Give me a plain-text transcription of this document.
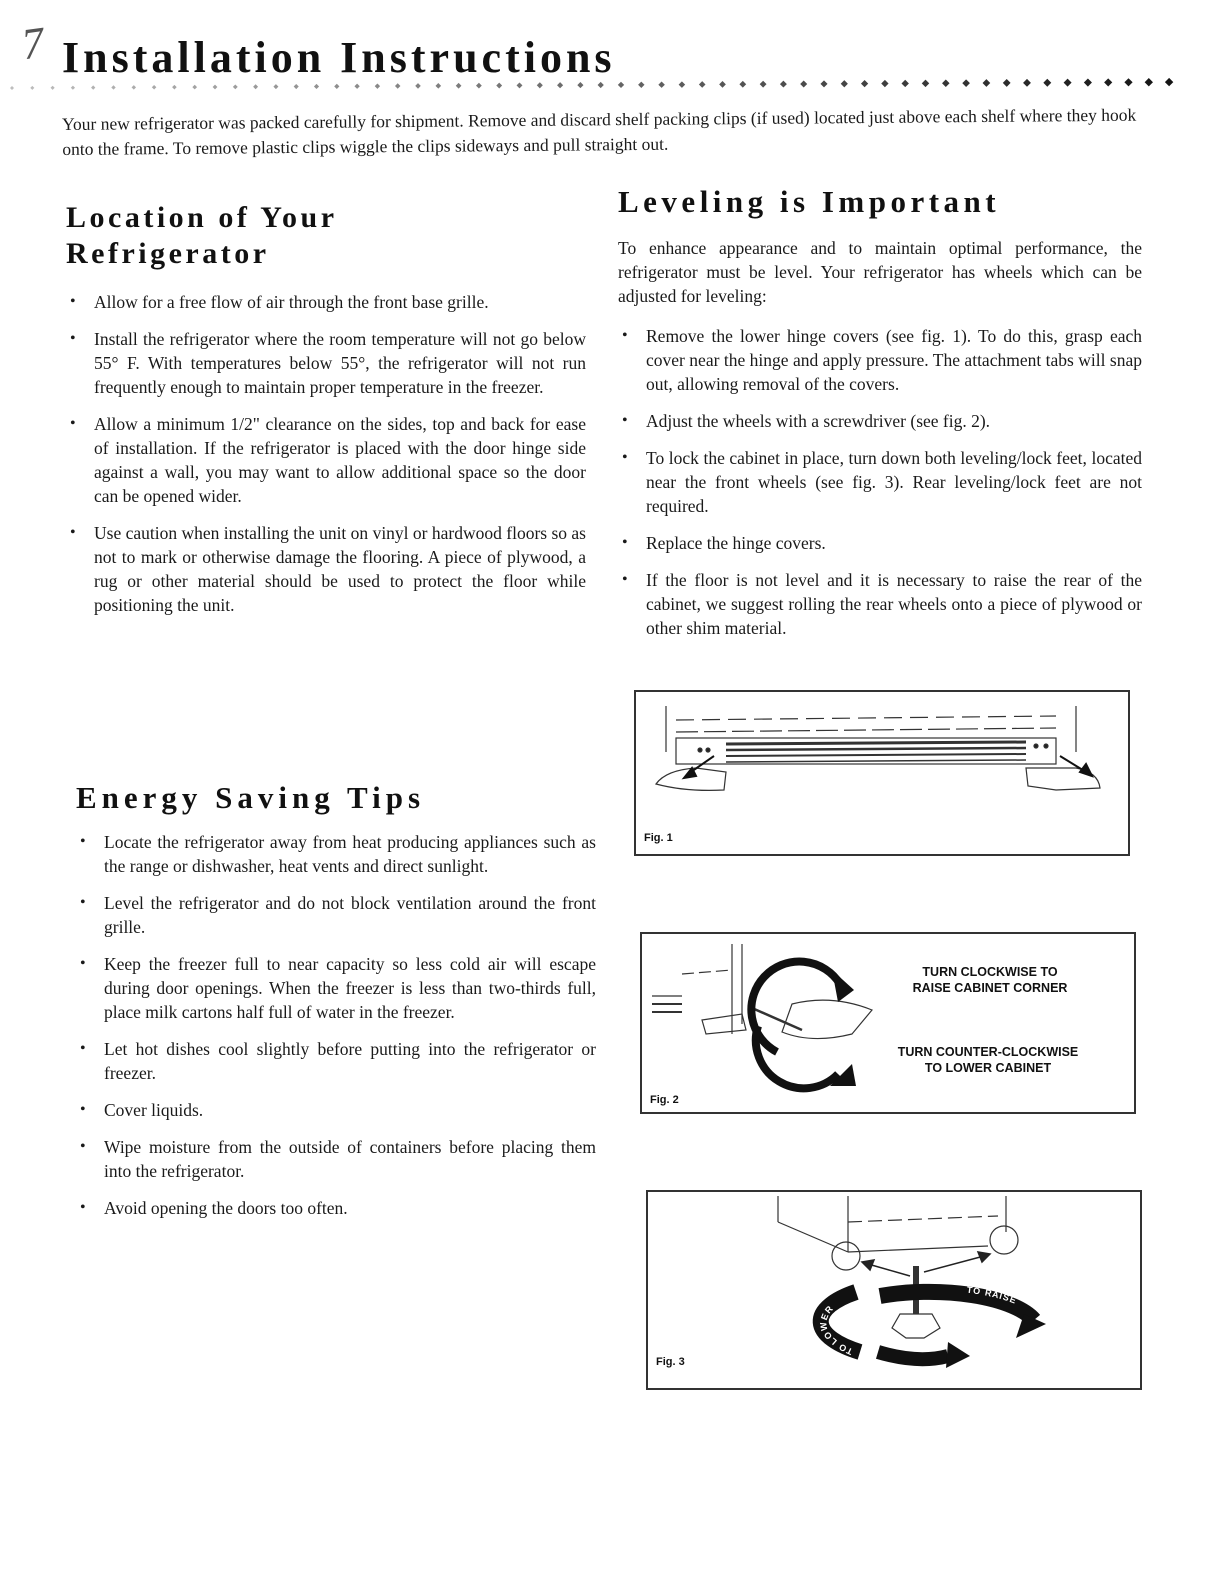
7 Installation Instructions
Your new refrigerator was packed carefully for shipment. Remove and discard shelf packing clips (if used) located just above each shelf where they hook onto the frame. To remove plastic clips wiggle the clips sideways and pull straight out.
Location of Your
Refrigerator
• Allow for a free flow of air through the front base grille.
• Install the refrigerator where the room temperature will not go below 55° F. With temperatures below 55°, the refrigerator will not run frequently enough to maintain proper temperature in the freezer.
• Allow a minimum 1/2" clearance on the sides, top and back for ease of installation. If the refrigerator is placed with the door hinge side against a wall, you may want to allow additional space so the door can be opened wider.
• Use caution when installing the unit on vinyl or hardwood floors so as not to mark or otherwise damage the flooring. A piece of plywood, a rug or other material should be used to protect the floor while positioning the unit.
Energy Saving Tips
• Locate the refrigerator away from heat producing appliances such as the range or dishwasher, heat vents and direct sunlight.
• Level the refrigerator and do not block ventilation around the front grille.
• Keep the freezer full to near capacity so less cold air will escape during door openings. When the freezer is less than two-thirds full, place milk cartons half full of water in the freezer.
• Let hot dishes cool slightly before putting into the refrigerator or freezer.
• Cover liquids.
• Wipe moisture from the outside of containers before placing them into the refrigerator.
• Avoid opening the doors too often.
Leveling is Important
To enhance appearance and to maintain optimal performance, the refrigerator must be level. Your refrigerator has wheels which can be adjusted for leveling:
• Remove the lower hinge covers (see fig. 1). To do this, grasp each cover near the hinge and apply pressure. The attachment tabs will snap out, allowing removal of the covers.
• Adjust the wheels with a screwdriver (see fig. 2).
• To lock the cabinet in place, turn down both leveling/lock feet, located near the front wheels (see fig. 3). Rear leveling/lock feet are not required.
• Replace the hinge covers.
• If the floor is not level and it is necessary to raise the rear of the cabinet, we suggest rolling the rear wheels onto a piece of plywood or other shim material.
Fig. 1
TURN CLOCKWISE TO
RAISE CABINET CORNER
TURN COUNTER-CLOCKWISE
TO LOWER CABINET
Fig. 2
TO RAISE
TO LOWER
Fig. 3
